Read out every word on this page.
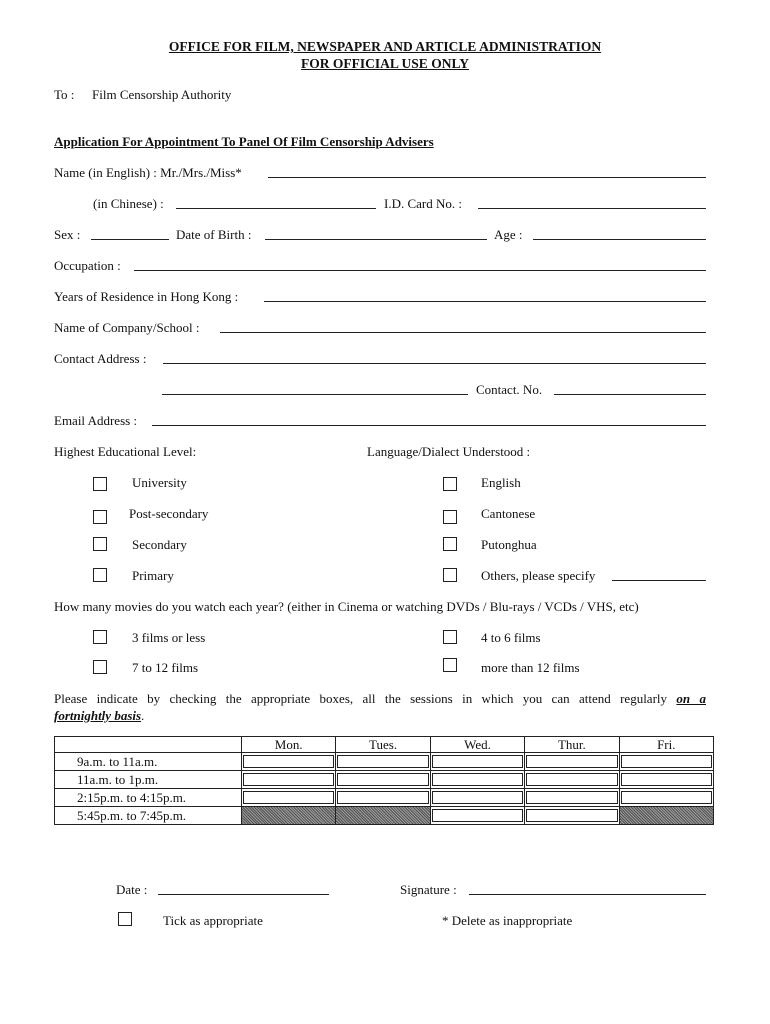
OFFICE FOR FILM, NEWSPAPER AND ARTICLE ADMINISTRATION
FOR OFFICIAL USE ONLY
To : Film Censorship Authority
Application For Appointment To Panel Of Film Censorship Advisers
Name (in English) : Mr./Mrs./Miss*
(in Chinese) :	I.D. Card No. :
Sex :	Date of Birth :	Age :
Occupation :
Years of Residence in Hong Kong :
Name of Company/School :
Contact Address :
Contact. No.
Email Address :
Highest Educational Level:	Language/Dialect Understood :
University
Post-secondary
Secondary
Primary
English
Cantonese
Putonghua
Others, please specify
How many movies do you watch each year? (either in Cinema or watching DVDs / Blu-rays / VCDs / VHS, etc)
3 films or less	4 to 6 films
7 to 12 films	more than 12 films
Please indicate by checking the appropriate boxes, all the sessions in which you can attend regularly on a
fortnightly basis.
	Mon.	Tues.	Wed.	Thur.	Fri.
9a.m. to 11a.m.	

11a.m. to 1p.m.	

2:15p.m. to 4:15p.m.	

5:45p.m. to 7:45p.m.			

Date :	Signature :
Tick as appropriate	* Delete as inappropriate
